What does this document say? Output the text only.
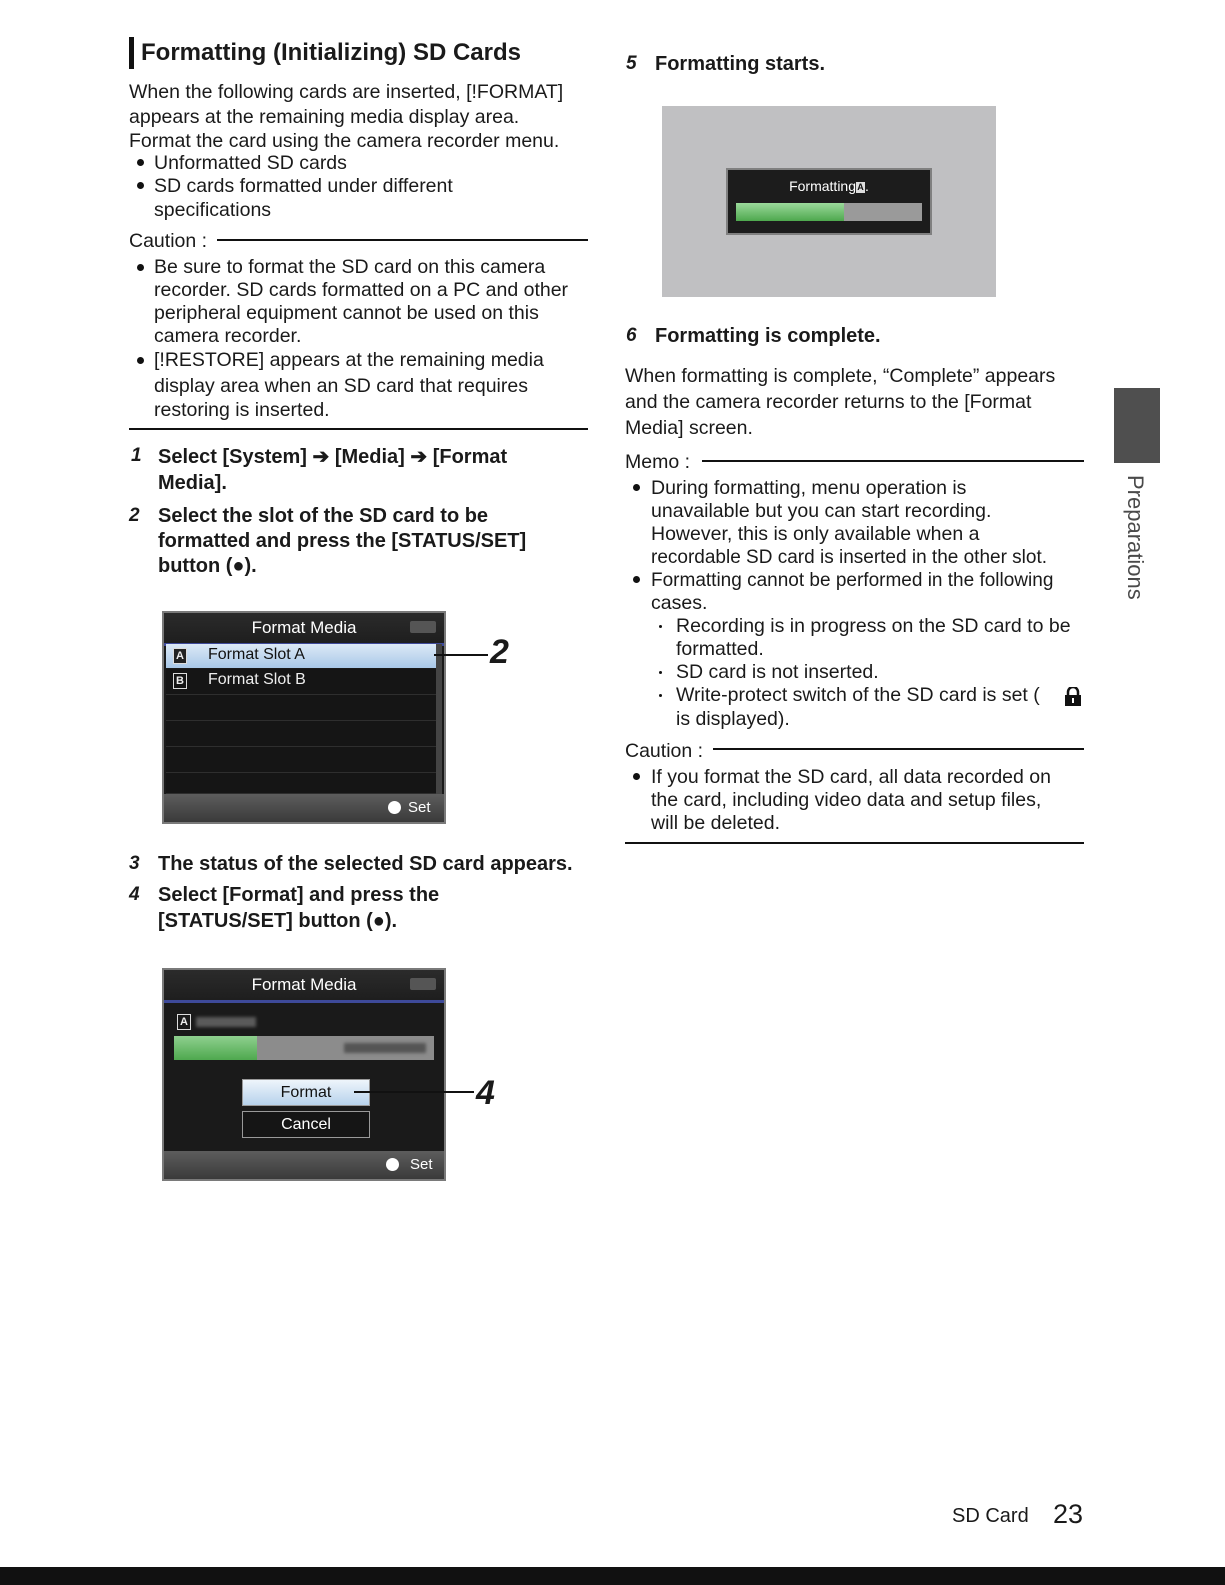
Formatting (Initializing) SD Cards
When the following cards are inserted, [!FORMAT]
appears at the remaining media display area.
Format the card using the camera recorder menu.
Unformatted SD cards
SD cards formatted under different
specifications
Caution :
Be sure to format the SD card on this camera
recorder. SD cards formatted on a PC and other
peripheral equipment cannot be used on this
camera recorder.
[!RESTORE] appears at the remaining media
display area when an SD card that requires
restoring is inserted.
1 Select [System] ➔ [Media] ➔ [Format
Media].
2 Select the slot of the SD card to be
formatted and press the [STATUS/SET]
button (●).
Format Media
A Format Slot A
B Format Slot B
Set
2
3 The status of the selected SD card appears.
4 Select [Format] and press the
[STATUS/SET] button (●).
Format Media
A
Format
Cancel
Set
4
5 Formatting starts.
FormattingA.
6 Formatting is complete.
When formatting is complete, “Complete” appears
and the camera recorder returns to the [Format
Media] screen.
Memo :
During formatting, menu operation is
unavailable but you can start recording.
However, this is only available when a
recordable SD card is inserted in the other slot.
Formatting cannot be performed in the following
cases.
Recording is in progress on the SD card to be
formatted.
SD card is not inserted.
Write-protect switch of the SD card is set (
is displayed).
Caution :
If you format the SD card, all data recorded on
the card, including video data and setup files,
will be deleted.
Preparations
SD Card 23
